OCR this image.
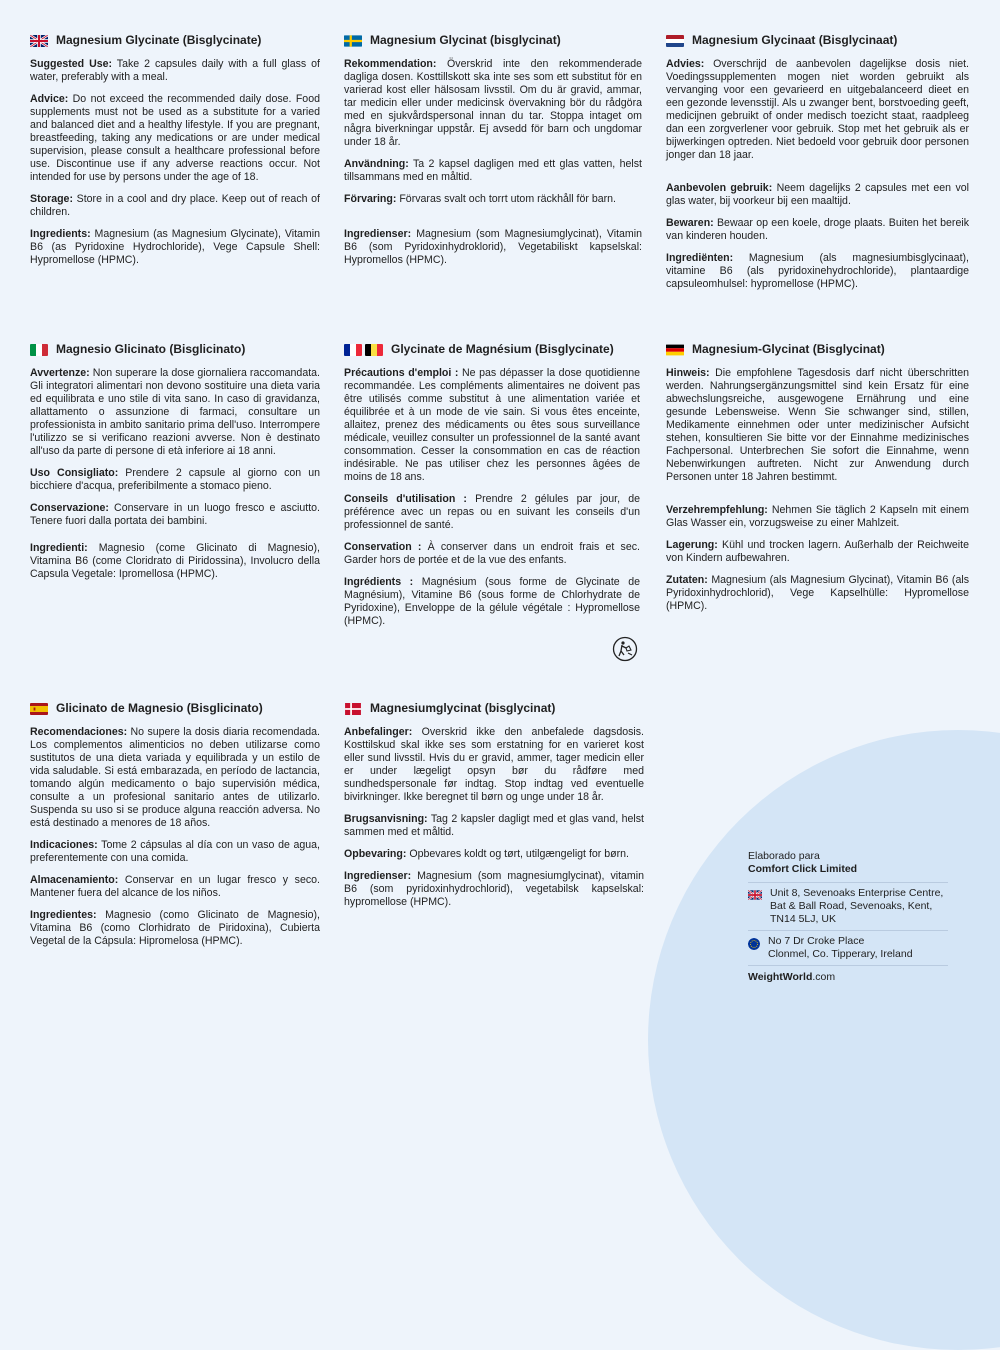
Magnesium Glycinate (Bisglycinate)

Suggested Use: Take 2 capsules daily with a full glass of water, preferably with a meal.

Advice: Do not exceed the recommended daily dose. Food supplements must not be used as a substitute for a varied and balanced diet and a healthy lifestyle. If you are pregnant, breastfeeding, taking any medications or are under medical supervision, please consult a healthcare professional before use. Discontinue use if any adverse reactions occur. Not intended for use by persons under the age of 18.

Storage: Store in a cool and dry place. Keep out of reach of children.

Ingredients: Magnesium (as Magnesium Glycinate), Vitamin B6 (as Pyridoxine Hydrochloride), Vege Capsule Shell: Hypromellose (HPMC).

Magnesium Glycinat (bisglycinat)

Rekommendation: Överskrid inte den rekommenderade dagliga dosen. Kosttillskott ska inte ses som ett substitut för en varierad kost eller hälsosam livsstil. Om du är gravid, ammar, tar medicin eller under medicinsk övervakning bör du rådgöra med en sjukvårdspersonal innan du tar. Stoppa intaget om några biverkningar uppstår. Ej avsedd för barn och ungdomar under 18 år.

Användning: Ta 2 kapsel dagligen med ett glas vatten, helst tillsammans med en måltid.

Förvaring: Förvaras svalt och torrt utom räckhåll för barn.

Ingredienser: Magnesium (som Magnesiumglycinat), Vitamin B6 (som Pyridoxinhydroklorid), Vegetabiliskt kapselskal: Hypromellos (HPMC).

Magnesium Glycinaat (Bisglycinaat)

Advies: Overschrijd de aanbevolen dagelijkse dosis niet. Voedingssupplementen mogen niet worden gebruikt als vervanging voor een gevarieerd en uitgebalanceerd dieet en een gezonde levensstijl. Als u zwanger bent, borstvoeding geeft, medicijnen gebruikt of onder medisch toezicht staat, raadpleeg dan een zorgverlener voor gebruik. Stop met het gebruik als er bijwerkingen optreden. Niet bedoeld voor gebruik door personen jonger dan 18 jaar.

Aanbevolen gebruik: Neem dagelijks 2 capsules met een vol glas water, bij voorkeur bij een maaltijd.

Bewaren: Bewaar op een koele, droge plaats. Buiten het bereik van kinderen houden.

Ingrediënten: Magnesium (als magnesiumbisglycinaat), vitamine B6 (als pyridoxinehydrochloride), plantaardige capsuleomhulsel: hypromellose (HPMC).

Magnesio Glicinato (Bisglicinato)

Avvertenze: Non superare la dose giornaliera raccomandata. Gli integratori alimentari non devono sostituire una dieta varia ed equilibrata e uno stile di vita sano. In caso di gravidanza, allattamento o assunzione di farmaci, consultare un professionista in ambito sanitario prima dell'uso. Interrompere l'utilizzo se si verificano reazioni avverse. Non è destinato all'uso da parte di persone di età inferiore ai 18 anni.

Uso Consigliato: Prendere 2 capsule al giorno con un bicchiere d'acqua, preferibilmente a stomaco pieno.

Conservazione: Conservare in un luogo fresco e asciutto. Tenere fuori dalla portata dei bambini.

Ingredienti: Magnesio (come Glicinato di Magnesio), Vitamina B6 (come Cloridrato di Piridossina), Involucro della Capsula Vegetale: Ipromellosa (HPMC).

Glycinate de Magnésium (Bisglycinate)

Précautions d'emploi : Ne pas dépasser la dose quotidienne recommandée. Les compléments alimentaires ne doivent pas être utilisés comme substitut à une alimentation variée et équilibrée et à un mode de vie sain. Si vous êtes enceinte, allaitez, prenez des médicaments ou êtes sous surveillance médicale, veuillez consulter un professionnel de la santé avant consommation. Cesser la consommation en cas de réaction indésirable. Ne pas utiliser chez les personnes âgées de moins de 18 ans.

Conseils d'utilisation : Prendre 2 gélules par jour, de préférence avec un repas ou en suivant les conseils d'un professionnel de santé.

Conservation : À conserver dans un endroit frais et sec. Garder hors de portée et de la vue des enfants.

Ingrédients : Magnésium (sous forme de Glycinate de Magnésium), Vitamine B6 (sous forme de Chlorhydrate de Pyridoxine), Enveloppe de la gélule végétale : Hypromellose (HPMC).

Magnesium-Glycinat (Bisglycinat)

Hinweis: Die empfohlene Tagesdosis darf nicht überschritten werden. Nahrungsergänzungsmittel sind kein Ersatz für eine abwechslungsreiche, ausgewogene Ernährung und eine gesunde Lebensweise. Wenn Sie schwanger sind, stillen, Medikamente einnehmen oder unter medizinischer Aufsicht stehen, konsultieren Sie bitte vor der Einnahme medizinisches Fachpersonal. Unterbrechen Sie sofort die Einnahme, wenn Nebenwirkungen auftreten. Nicht zur Anwendung durch Personen unter 18 Jahren bestimmt.

Verzehrempfehlung: Nehmen Sie täglich 2 Kapseln mit einem Glas Wasser ein, vorzugsweise zu einer Mahlzeit.

Lagerung: Kühl und trocken lagern. Außerhalb der Reichweite von Kindern aufbewahren.

Zutaten: Magnesium (als Magnesium Glycinat), Vitamin B6 (als Pyridoxinhydrochlorid), Vege Kapselhülle: Hypromellose (HPMC).

Glicinato de Magnesio (Bisglicinato)

Recomendaciones: No supere la dosis diaria recomendada. Los complementos alimenticios no deben utilizarse como sustitutos de una dieta variada y equilibrada y un estilo de vida saludable. Si está embarazada, en período de lactancia, tomando algún medicamento o bajo supervisión médica, consulte a un profesional sanitario antes de utilizarlo. Suspenda su uso si se produce alguna reacción adversa. No está destinado a menores de 18 años.

Indicaciones: Tome 2 cápsulas al día con un vaso de agua, preferentemente con una comida.

Almacenamiento: Conservar en un lugar fresco y seco. Mantener fuera del alcance de los niños.

Ingredientes: Magnesio (como Glicinato de Magnesio), Vitamina B6 (como Clorhidrato de Piridoxina), Cubierta Vegetal de la Cápsula: Hipromelosa (HPMC).

Magnesiumglycinat (bisglycinat)

Anbefalinger: Overskrid ikke den anbefalede dagsdosis. Kosttilskud skal ikke ses som erstatning for en varieret kost eller sund livsstil. Hvis du er gravid, ammer, tager medicin eller er under lægeligt opsyn bør du rådføre med sundhedspersonale før indtag. Stop indtag ved eventuelle bivirkninger. Ikke beregnet til børn og unge under 18 år.

Brugsanvisning: Tag 2 kapsler dagligt med et glas vand, helst sammen med et måltid.

Opbevaring: Opbevares koldt og tørt, utilgængeligt for børn.

Ingredienser: Magnesium (som magnesiumglycinat), vitamin B6 (som pyridoxinhydrochlorid), vegetabilsk kapselskal: hypromellose (HPMC).

Elaborado para
Comfort Click Limited
Unit 8, Sevenoaks Enterprise Centre,
Bat & Ball Road, Sevenoaks, Kent,
TN14 5LJ, UK
No 7 Dr Croke Place
Clonmel, Co. Tipperary, Ireland
WeightWorld.com
